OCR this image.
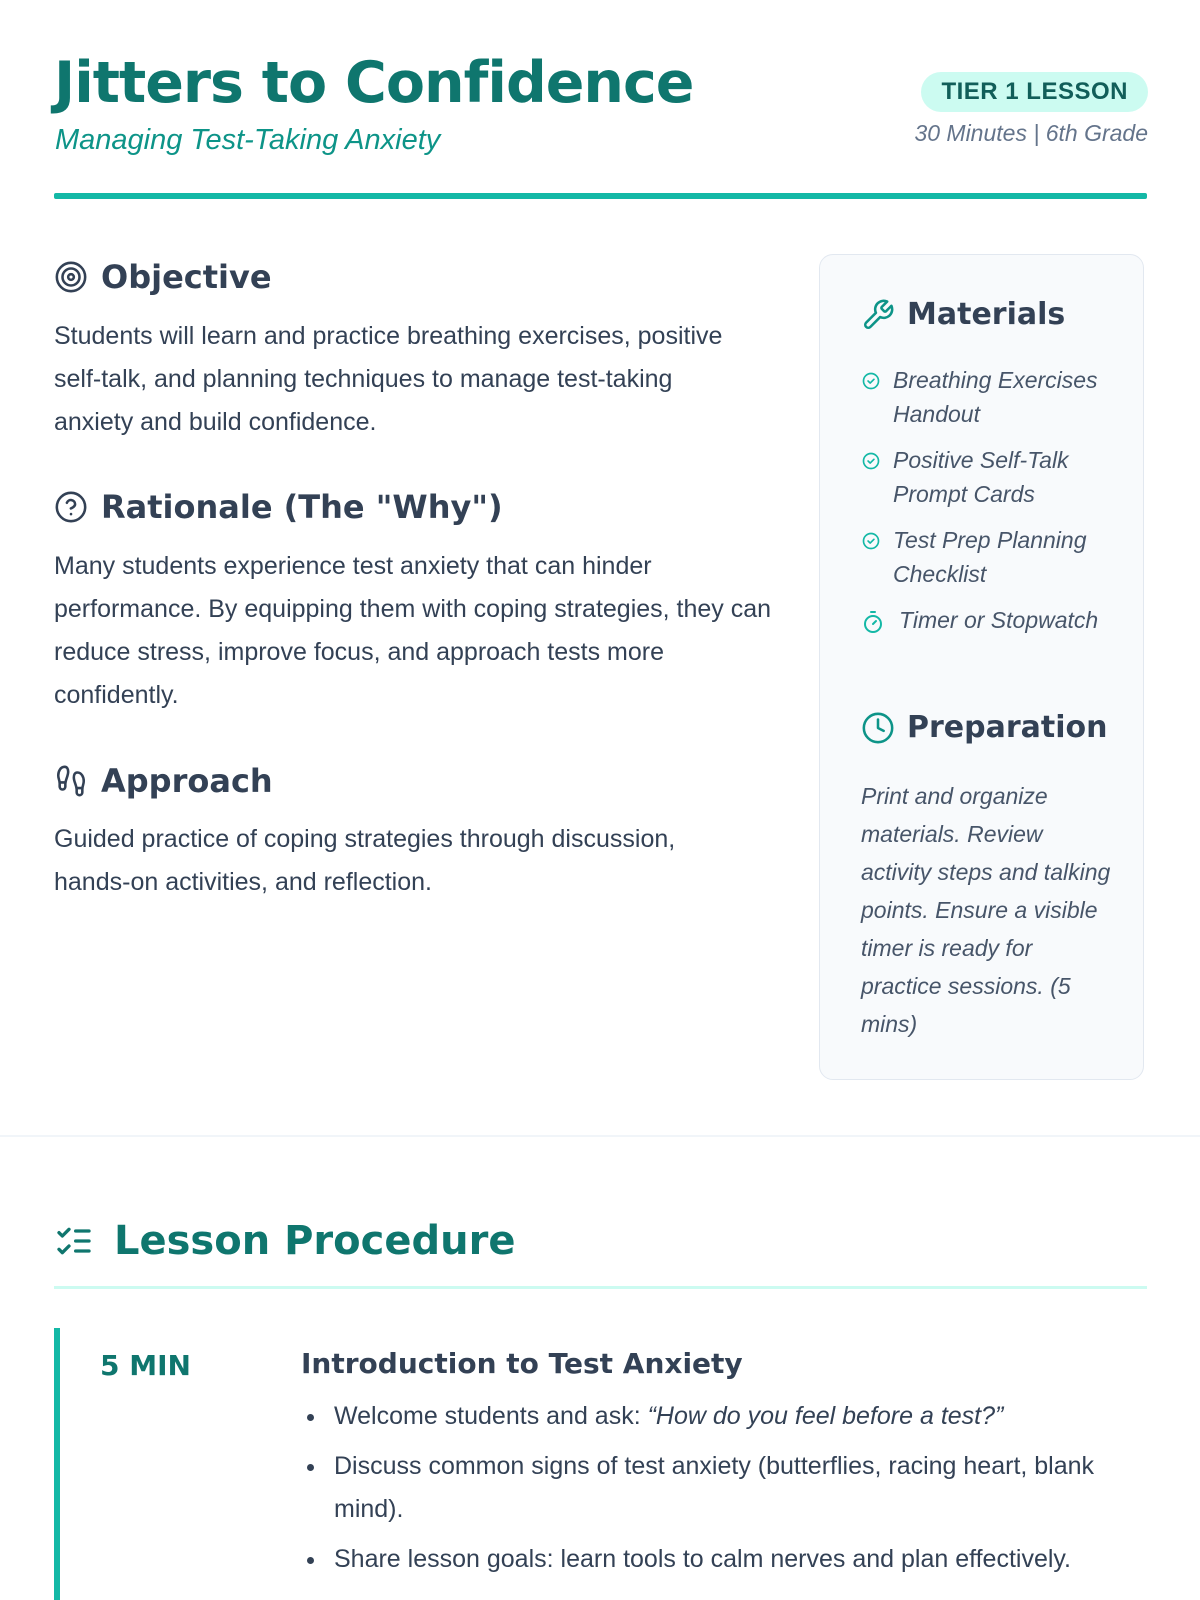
Jitters to Confidence
Managing Test-Taking Anxiety
TIER 1 LESSON
30 Minutes | 6th Grade
Objective

Students will learn and practice breathing exercises, positive self-talk, and planning techniques to manage test-taking anxiety and build confidence.

Rationale (The "Why")

Many students experience test anxiety that can hinder performance. By equipping them with coping strategies, they can reduce stress, improve focus, and approach tests more confidently.

Approach

Guided practice of coping strategies through discussion, hands-on activities, and reflection.

Materials
Breathing Exercises Handout
Positive Self-Talk Prompt Cards
Test Prep Planning Checklist
Timer or Stopwatch
Preparation

Print and organize materials. Review activity steps and talking points. Ensure a visible timer is ready for practice sessions. (5 mins)

Lesson Procedure
5 MIN	Introduction to Test Anxiety
Welcome students and ask: “How do you feel before a test?”
Discuss common signs of test anxiety (butterflies, racing heart, blank mind).
Share lesson goals: learn tools to calm nerves and plan effectively.
